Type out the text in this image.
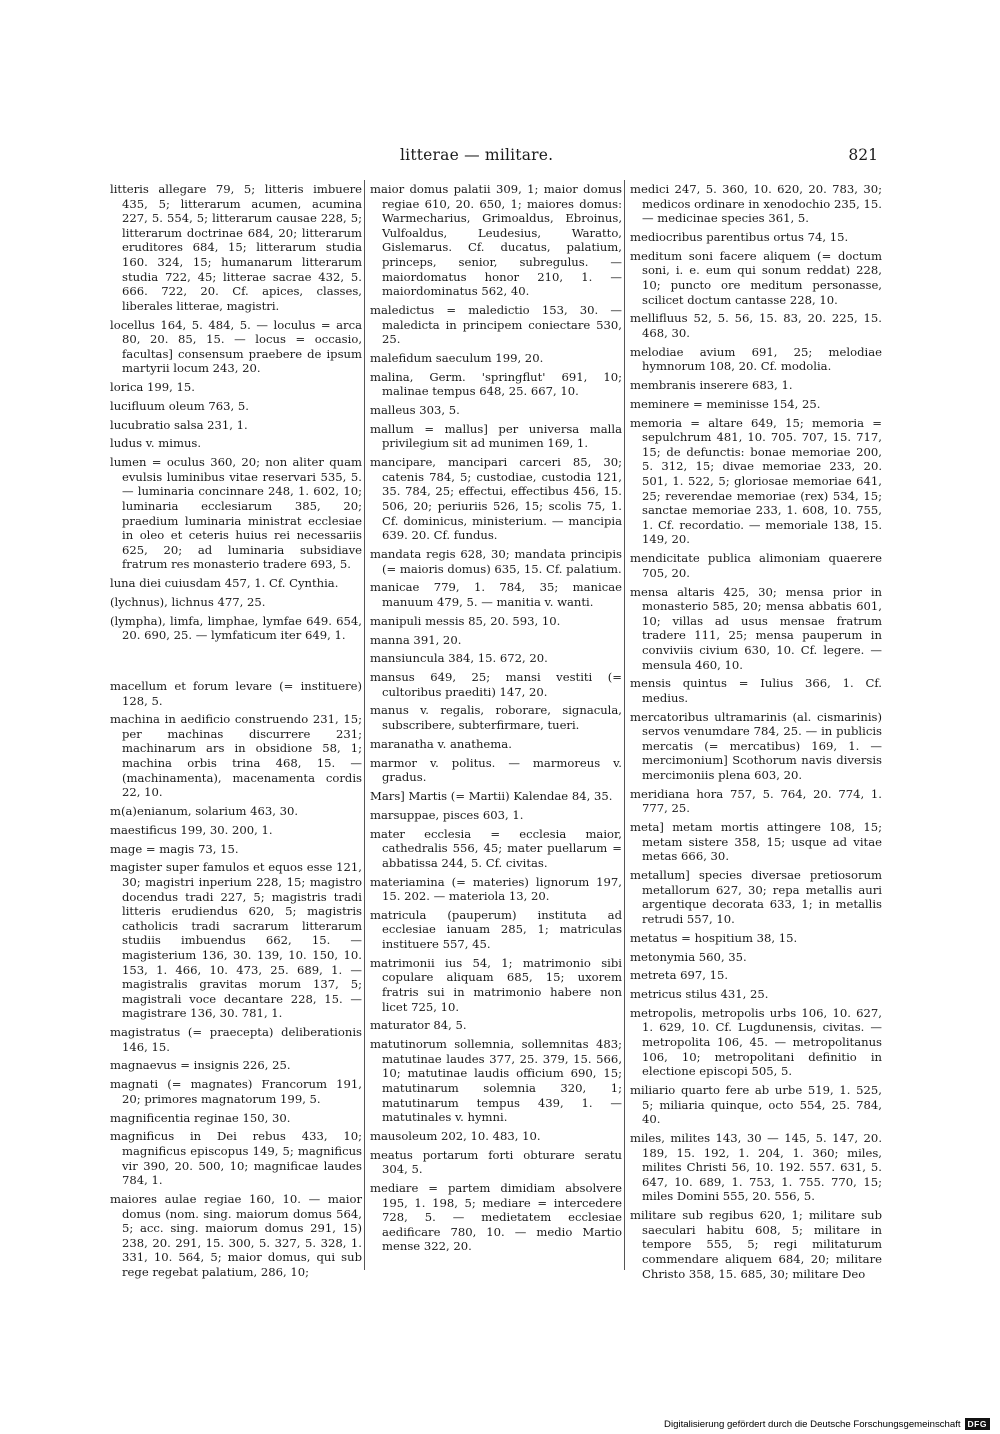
litterae — militare.	821

litteris allegare 79, 5; litteris imbuere 435, 5; litterarum acumen, acumina 227, 5. 554, 5; litterarum causae 228, 5; litterarum doctrinae 684, 20; litterarum eruditores 684, 15; litterarum studia 160. 324, 15; humanarum litterarum studia 722, 45; litterae sacrae 432, 5. 666. 722, 20. Cf. apices, classes, liberales litterae, magistri.

locellus 164, 5. 484, 5. — loculus = arca 80, 20. 85, 15. — locus = occasio, facultas] consensum praebere de ipsum martyrii locum 243, 20.

lorica 199, 15.

lucifluum oleum 763, 5.

lucubratio salsa 231, 1.

ludus v. mimus.

lumen = oculus 360, 20; non aliter quam evulsis luminibus vitae reservari 535, 5. — luminaria concinnare 248, 1. 602, 10; luminaria ecclesiarum 385, 20; praedium luminaria ministrat ecclesiae in oleo et ceteris huius rei necessariis 625, 20; ad luminaria subsidiave fratrum res monasterio tradere 693, 5.

luna diei cuiusdam 457, 1. Cf. Cynthia.

(lychnus), lichnus 477, 25.

(lympha), limfa, limphae, lymfae 649. 654, 20. 690, 25. — lymfaticum iter 649, 1.

macellum et forum levare (= instituere) 128, 5.

machina in aedificio construendo 231, 15; per machinas discurrere 231; machinarum ars in obsidione 58, 1; machina orbis trina 468, 15. — (machinamenta), macenamenta cordis 22, 10.

m(a)enianum, solarium 463, 30.

maestificus 199, 30. 200, 1.

mage = magis 73, 15.

magister super famulos et equos esse 121, 30; magistri inperium 228, 15; magistro docendus tradi 227, 5; magistris tradi litteris erudiendus 620, 5; magistris catholicis tradi sacrarum litterarum studiis imbuendus 662, 15. — magisterium 136, 30. 139, 10. 150, 10. 153, 1. 466, 10. 473, 25. 689, 1. — magistralis gravitas morum 137, 5; magistrali voce decantare 228, 15. — magistrare 136, 30. 781, 1.

magistratus (= praecepta) deliberationis 146, 15.

magnaevus = insignis 226, 25.

magnati (= magnates) Francorum 191, 20; primores magnatorum 199, 5.

magnificentia reginae 150, 30.

magnificus in Dei rebus 433, 10; magnificus episcopus 149, 5; magnificus vir 390, 20. 500, 10; magnificae laudes 784, 1.

maiores aulae regiae 160, 10. — maior domus (nom. sing. maiorum domus 564, 5; acc. sing. maiorum domus 291, 15) 238, 20. 291, 15. 300, 5. 327, 5. 328, 1. 331, 10. 564, 5; maior domus, qui sub rege regebat palatium, 286, 10;

maior domus palatii 309, 1; maior domus regiae 610, 20. 650, 1; maiores domus: Warmecharius, Grimoaldus, Ebroinus, Vulfoaldus, Leudesius, Waratto, Gislemarus. Cf. ducatus, palatium, princeps, senior, subregulus. — maiordomatus honor 210, 1. — maiordominatus 562, 40.

maledictus = maledictio 153, 30. — maledicta in principem coniectare 530, 25.

malefidum saeculum 199, 20.

malina, Germ. 'springflut' 691, 10; malinae tempus 648, 25. 667, 10.

malleus 303, 5.

mallum = mallus] per universa malla privilegium sit ad munimen 169, 1.

mancipare, mancipari carceri 85, 30; catenis 784, 5; custodiae, custodia 121, 35. 784, 25; effectui, effectibus 456, 15. 506, 20; periuriis 526, 15; scolis 75, 1. Cf. dominicus, ministerium. — mancipia 639. 20. Cf. fundus.

mandata regis 628, 30; mandata principis (= maioris domus) 635, 15. Cf. palatium.

manicae 779, 1. 784, 35; manicae manuum 479, 5. — manitia v. wanti.

manipuli messis 85, 20. 593, 10.

manna 391, 20.

mansiuncula 384, 15. 672, 20.

mansus 649, 25; mansi vestiti (= cultoribus praediti) 147, 20.

manus v. regalis, roborare, signacula, subscribere, subterfirmare, tueri.

maranatha v. anathema.

marmor v. politus. — marmoreus v. gradus.

Mars] Martis (= Martii) Kalendae 84, 35.

marsuppae, pisces 603, 1.

mater ecclesia = ecclesia maior, cathedralis 556, 45; mater puellarum = abbatissa 244, 5. Cf. civitas.

materiamina (= materies) lignorum 197, 15. 202. — materiola 13, 20.

matricula (pauperum) instituta ad ecclesiae ianuam 285, 1; matriculas instituere 557, 45.

matrimonii ius 54, 1; matrimonio sibi copulare aliquam 685, 15; uxorem fratris sui in matrimonio habere non licet 725, 10.

maturator 84, 5.

matutinorum sollemnia, sollemnitas 483; matutinae laudes 377, 25. 379, 15. 566, 10; matutinae laudis officium 690, 15; matutinarum solemnia 320, 1; matutinarum tempus 439, 1. — matutinales v. hymni.

mausoleum 202, 10. 483, 10.

meatus portarum forti obturare seratu 304, 5.

mediare = partem dimidiam absolvere 195, 1. 198, 5; mediare = intercedere 728, 5. — medietatem ecclesiae aedificare 780, 10. — medio Martio mense 322, 20.

medici 247, 5. 360, 10. 620, 20. 783, 30; medicos ordinare in xenodochio 235, 15. — medicinae species 361, 5.

mediocribus parentibus ortus 74, 15.

meditum soni facere aliquem (= doctum soni, i. e. eum qui sonum reddat) 228, 10; puncto ore meditum personasse, scilicet doctum cantasse 228, 10.

mellifluus 52, 5. 56, 15. 83, 20. 225, 15. 468, 30.

melodiae avium 691, 25; melodiae hymnorum 108, 20. Cf. modolia.

membranis inserere 683, 1.

meminere = meminisse 154, 25.

memoria = altare 649, 15; memoria = sepulchrum 481, 10. 705. 707, 15. 717, 15; de defunctis: bonae memoriae 200, 5. 312, 15; divae memoriae 233, 20. 501, 1. 522, 5; gloriosae memoriae 641, 25; reverendae memoriae (rex) 534, 15; sanctae memoriae 233, 1. 608, 10. 755, 1. Cf. recordatio. — memoriale 138, 15. 149, 20.

mendicitate publica alimoniam quaerere 705, 20.

mensa altaris 425, 30; mensa prior in monasterio 585, 20; mensa abbatis 601, 10; villas ad usus mensae fratrum tradere 111, 25; mensa pauperum in conviviis civium 630, 10. Cf. legere. — mensula 460, 10.

mensis quintus = Iulius 366, 1. Cf. medius.

mercatoribus ultramarinis (al. cismarinis) servos venumdare 784, 25. — in publicis mercatis (= mercatibus) 169, 1. — mercimonium] Scothorum navis diversis mercimoniis plena 603, 20.

meridiana hora 757, 5. 764, 20. 774, 1. 777, 25.

meta] metam mortis attingere 108, 15; metam sistere 358, 15; usque ad vitae metas 666, 30.

metallum] species diversae pretiosorum metallorum 627, 30; repa metallis auri argentique decorata 633, 1; in metallis retrudi 557, 10.

metatus = hospitium 38, 15.

metonymia 560, 35.

metreta 697, 15.

metricus stilus 431, 25.

metropolis, metropolis urbs 106, 10. 627, 1. 629, 10. Cf. Lugdunensis, civitas. — metropolita 106, 45. — metropolitanus 106, 10; metropolitani definitio in electione episcopi 505, 5.

miliario quarto fere ab urbe 519, 1. 525, 5; miliaria quinque, octo 554, 25. 784, 40.

miles, milites 143, 30 — 145, 5. 147, 20. 189, 15. 192, 1. 204, 1. 360; miles, milites Christi 56, 10. 192. 557. 631, 5. 647, 10. 689, 1. 753, 1. 755. 770, 15; miles Domini 555, 20. 556, 5.

militare sub regibus 620, 1; militare sub saeculari habitu 608, 5; militare in tempore 555, 5; regi militaturum commendare aliquem 684, 20; militare Christo 358, 15. 685, 30; militare Deo

Digitalisierung gefördert durch die Deutsche Forschungsgemeinschaft DFG
